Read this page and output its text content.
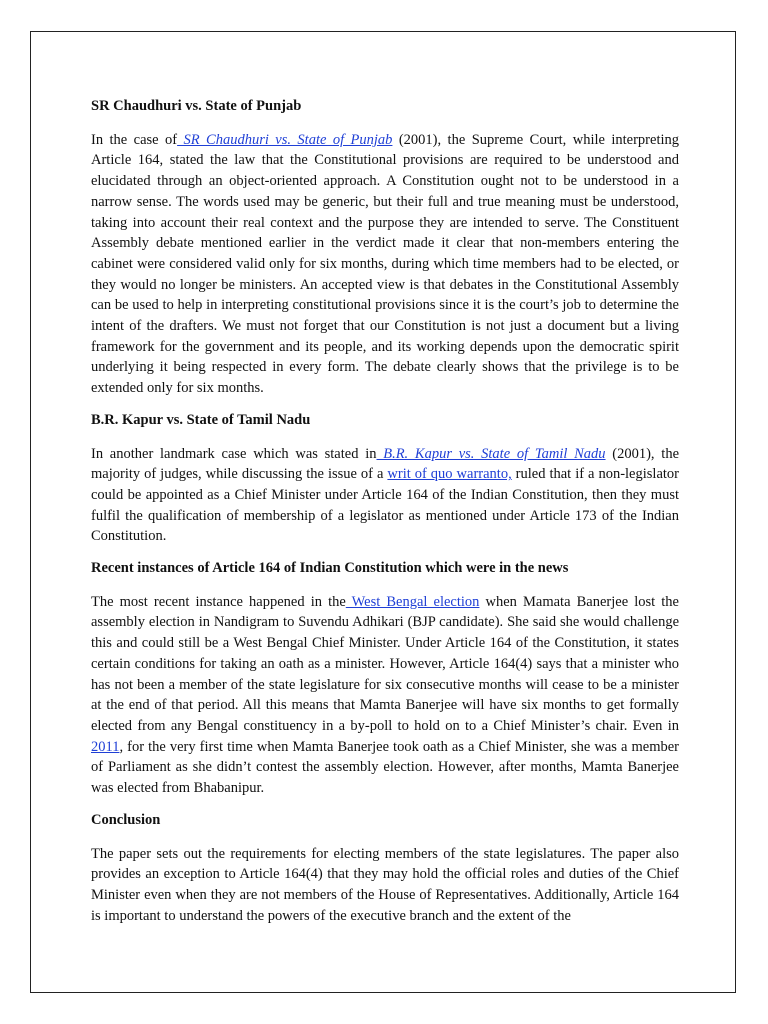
SR Chaudhuri vs. State of Punjab

In the case of SR Chaudhuri vs. State of Punjab (2001), the Supreme Court, while interpreting Article 164, stated the law that the Constitutional provisions are required to be understood and elucidated through an object-oriented approach. A Constitution ought not to be understood in a narrow sense. The words used may be generic, but their full and true meaning must be understood, taking into account their real context and the purpose they are intended to serve. The Constituent Assembly debate mentioned earlier in the verdict made it clear that non-members entering the cabinet were considered valid only for six months, during which time members had to be elected, or they would no longer be ministers. An accepted view is that debates in the Constitutional Assembly can be used to help in interpreting constitutional provisions since it is the court’s job to determine the intent of the drafters. We must not forget that our Constitution is not just a document but a living framework for the government and its people, and its working depends upon the democratic spirit underlying it being respected in every form. The debate clearly shows that the privilege is to be extended only for six months.

B.R. Kapur vs. State of Tamil Nadu

In another landmark case which was stated in B.R. Kapur vs. State of Tamil Nadu (2001), the majority of judges, while discussing the issue of a writ of quo warranto, ruled that if a non-legislator could be appointed as a Chief Minister under Article 164 of the Indian Constitution, then they must fulfil the qualification of membership of a legislator as mentioned under Article 173 of the Indian Constitution.

Recent instances of Article 164 of Indian Constitution which were in the news

The most recent instance happened in the West Bengal election when Mamata Banerjee lost the assembly election in Nandigram to Suvendu Adhikari (BJP candidate). She said she would challenge this and could still be a West Bengal Chief Minister. Under Article 164 of the Constitution, it states certain conditions for taking an oath as a minister. However, Article 164(4) says that a minister who has not been a member of the state legislature for six consecutive months will cease to be a minister at the end of that period. All this means that Mamta Banerjee will have six months to get formally elected from any Bengal constituency in a by-poll to hold on to a Chief Minister’s chair. Even in 2011, for the very first time when Mamta Banerjee took oath as a Chief Minister, she was a member of Parliament as she didn’t contest the assembly election. However, after months, Mamta Banerjee was elected from Bhabanipur.

Conclusion

The paper sets out the requirements for electing members of the state legislatures. The paper also provides an exception to Article 164(4) that they may hold the official roles and duties of the Chief Minister even when they are not members of the House of Representatives. Additionally, Article 164 is important to understand the powers of the executive branch and the extent of the
